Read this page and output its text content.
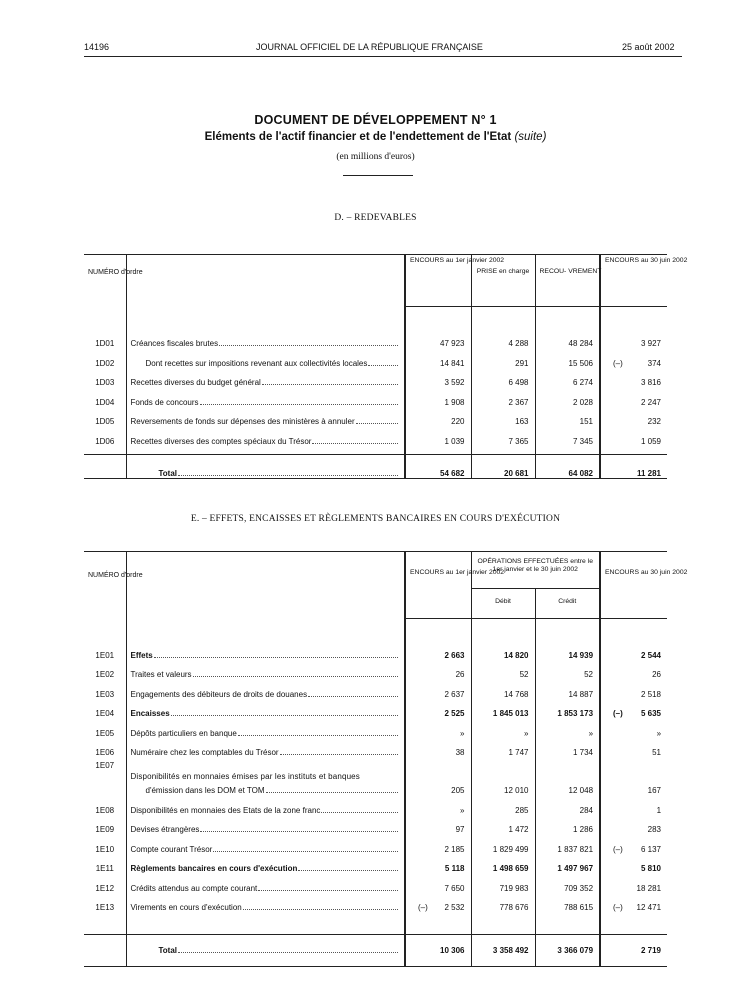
14196	JOURNAL OFFICIEL DE LA RÉPUBLIQUE FRANÇAISE	25 août 2002
DOCUMENT DE DÉVELOPPEMENT N° 1
Eléments de l'actif financier et de l'endettement de l'Etat (suite)
(en millions d'euros)
D. – REDEVABLES
NUMÉRO d'ordre		ENCOURS au 1er janvier 2002	PRISE en charge	RECOU- VREMENT	ENCOURS au 30 juin 2002

1D01	Créances fiscales brutes	47 923	4 288	48 284	3 927
1D02	Dont recettes sur impositions revenant aux collectivités locales	14 841	291	15 506	(–) 374
1D03	Recettes diverses du budget général	3 592	6 498	6 274	3 816
1D04	Fonds de concours	1 908	2 367	2 028	2 247
1D05	Reversements de fonds sur dépenses des ministères à annuler	220	163	151	232
1D06	Recettes diverses des comptes spéciaux du Trésor	1 039	7 365	7 345	1 059

	Total	54 682	20 681	64 082	11 281
E. – EFFETS, ENCAISSES ET RÈGLEMENTS BANCAIRES EN COURS D'EXÉCUTION
NUMÉRO d'ordre		ENCOURS au 1er janvier 2002	OPÉRATIONS EFFECTUÉES entre le 1er janvier et le 30 juin 2002		ENCOURS au 30 juin 2002
			Débit	Crédit	

1E01	Effets	2 663	14 820	14 939	2 544
1E02	Traites et valeurs	26	52	52	26
1E03	Engagements des débiteurs de droits de douanes	2 637	14 768	14 887	2 518
1E04	Encaisses	2 525	1 845 013	1 853 173	(–) 5 635
1E05	Dépôts particuliers en banque	»	»	»	»
1E06	Numéraire chez les comptables du Trésor	38	1 747	1 734	51
1E07	Disponibilités en monnaies émises par les instituts et banques
d'émission dans les DOM et TOM	205	12 010	12 048	167
1E08	Disponibilités en monnaies des Etats de la zone franc	»	285	284	1
1E09	Devises étrangères	97	1 472	1 286	283
1E10	Compte courant Trésor	2 185	1 829 499	1 837 821	(–) 6 137
1E11	Règlements bancaires en cours d'exécution	5 118	1 498 659	1 497 967	5 810
1E12	Crédits attendus au compte courant	7 650	719 983	709 352	18 281
1E13	Virements en cours d'exécution	(–) 2 532	778 676	788 615	(–) 12 471

	Total	10 306	3 358 492	3 366 079	2 719
